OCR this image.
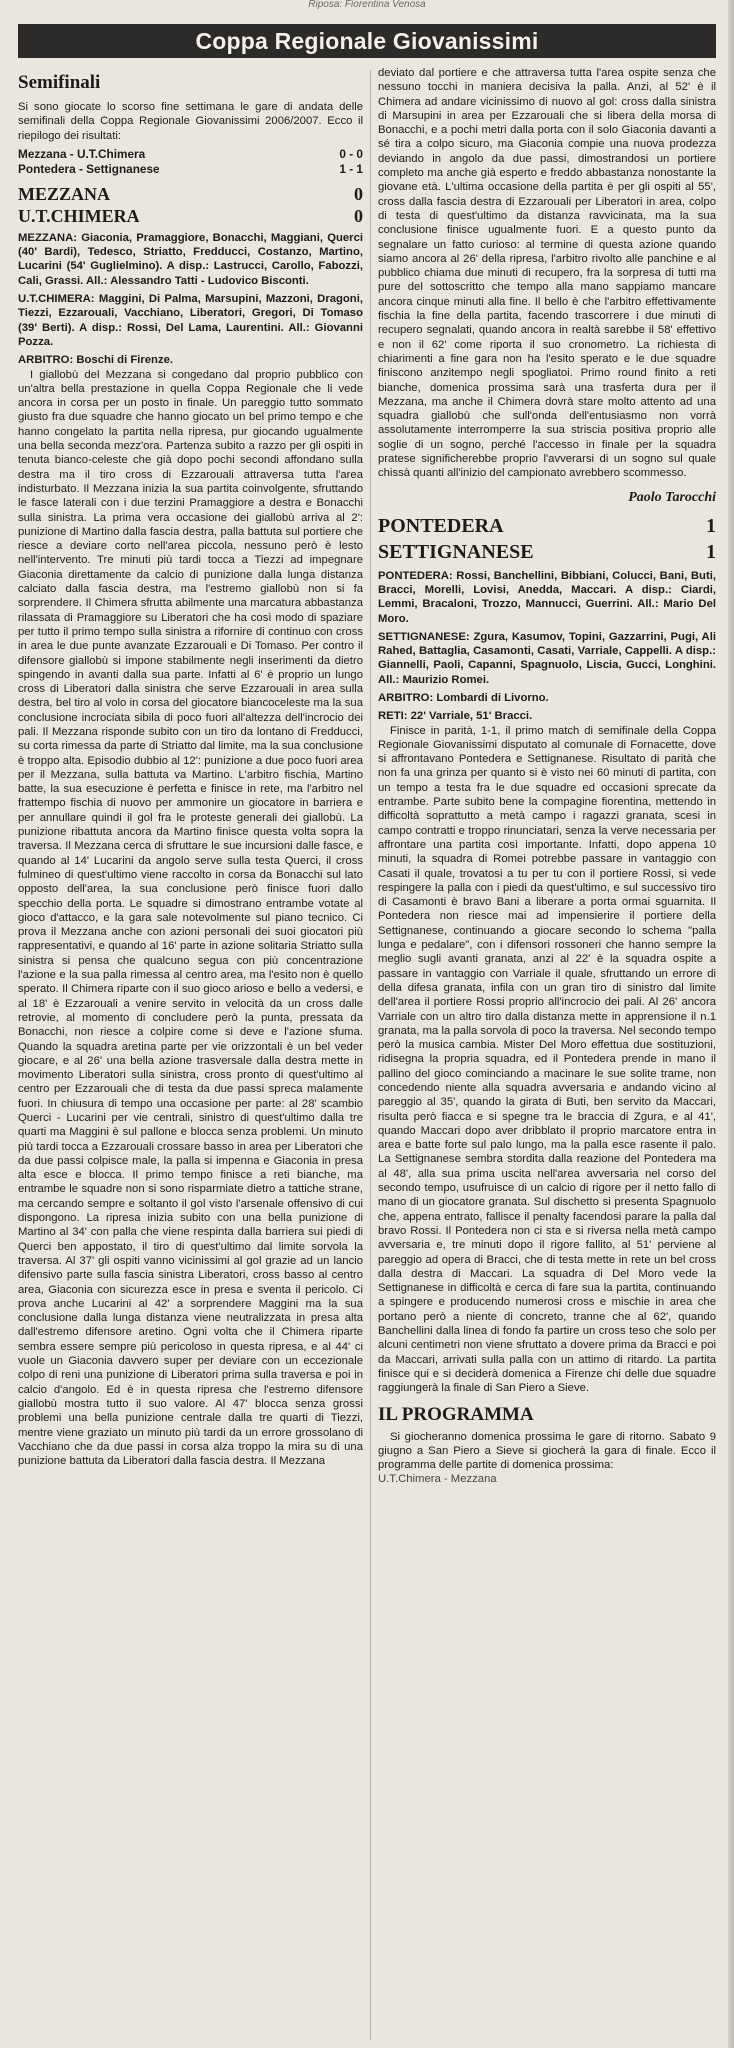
Riposa: Fiorentina Venosa
Coppa Regionale Giovanissimi
Semifinali

Si sono giocate lo scorso fine settimana le gare di andata delle semifinali della Coppa Regionale Giovanissimi 2006/2007. Ecco il riepilogo dei risultati:

Mezzana - U.T.Chimera	0 - 0
Pontedera - Settignanese	1 - 1
MEZZANA	0
U.T.CHIMERA	0
MEZZANA: Giaconia, Pramaggiore, Bonacchi, Maggiani, Querci (40' Bardi), Tedesco, Striatto, Fredducci, Costanzo, Martino, Lucarini (54' Guglielmino). A disp.: Lastrucci, Carollo, Fabozzi, Cali, Grassi. All.: Alessandro Tatti - Ludovico Bisconti.
U.T.CHIMERA: Maggini, Di Palma, Marsupini, Mazzoni, Dragoni, Tiezzi, Ezzarouali, Vacchiano, Liberatori, Gregori, Di Tomaso (39' Berti). A disp.: Rossi, Del Lama, Laurentini. All.: Giovanni Pozza.
ARBITRO: Boschi di Firenze.

I giallobù del Mezzana si congedano dal proprio pubblico con un'altra bella prestazione in quella Coppa Regionale che li vede ancora in corsa per un posto in finale. Un pareggio tutto sommato giusto fra due squadre che hanno giocato un bel primo tempo e che hanno congelato la partita nella ripresa, pur giocando ugualmente una bella seconda mezz'ora. Partenza subito a razzo per gli ospiti in tenuta bianco-celeste che già dopo pochi secondi affondano sulla destra ma il tiro cross di Ezzarouali attraversa tutta l'area indisturbato. Il Mezzana inizia la sua partita coinvolgente, sfruttando le fasce laterali con i due terzini Pramaggiore a destra e Bonacchi sulla sinistra. La prima vera occasione dei giallobù arriva al 2': punizione di Martino dalla fascia destra, palla battuta sul portiere che riesce a deviare corto nell'area piccola, nessuno però è lesto nell'intervento. Tre minuti più tardi tocca a Tiezzi ad impegnare Giaconia direttamente da calcio di punizione dalla lunga distanza calciato dalla fascia destra, ma l'estremo giallobù non si fa sorprendere. Il Chimera sfrutta abilmente una marcatura abbastanza rilassata di Pramaggiore su Liberatori che ha così modo di spaziare per tutto il primo tempo sulla sinistra a rifornire di continuo con cross in area le due punte avanzate Ezzarouali e Di Tomaso. Per contro il difensore giallobù si impone stabilmente negli inserimenti da dietro spingendo in avanti dalla sua parte. Infatti al 6' è proprio un lungo cross di Liberatori dalla sinistra che serve Ezzarouali in area sulla destra, bel tiro al volo in corsa del giocatore biancoceleste ma la sua conclusione incrociata sibila di poco fuori all'altezza dell'incrocio dei pali. Il Mezzana risponde subito con un tiro da lontano di Fredducci, su corta rimessa da parte di Striatto dal limite, ma la sua conclusione è troppo alta. Episodio dubbio al 12': punizione a due poco fuori area per il Mezzana, sulla battuta va Martino. L'arbitro fischia, Martino batte, la sua esecuzione è perfetta e finisce in rete, ma l'arbitro nel frattempo fischia di nuovo per ammonire un giocatore in barriera e per annullare quindi il gol fra le proteste generali dei giallobù. La punizione ribattuta ancora da Martino finisce questa volta sopra la traversa. Il Mezzana cerca di sfruttare le sue incursioni dalle fasce, e quando al 14' Lucarini da angolo serve sulla testa Querci, il cross fulmineo di quest'ultimo viene raccolto in corsa da Bonacchi sul lato opposto dell'area, la sua conclusione però finisce fuori dallo specchio della porta. Le squadre si dimostrano entrambe votate al gioco d'attacco, e la gara sale notevolmente sul piano tecnico. Ci prova il Mezzana anche con azioni personali dei suoi giocatori più rappresentativi, e quando al 16' parte in azione solitaria Striatto sulla sinistra si pensa che qualcuno segua con più concentrazione l'azione e la sua palla rimessa al centro area, ma l'esito non è quello sperato. Il Chimera riparte con il suo gioco arioso e bello a vedersi, e al 18' è Ezzarouali a venire servito in velocità da un cross dalle retrovie, al momento di concludere però la punta, pressata da Bonacchi, non riesce a colpire come si deve e l'azione sfuma. Quando la squadra aretina parte per vie orizzontali è un bel veder giocare, e al 26' una bella azione trasversale dalla destra mette in movimento Liberatori sulla sinistra, cross pronto di quest'ultimo al centro per Ezzarouali che di testa da due passi spreca malamente fuori. In chiusura di tempo una occasione per parte: al 28' scambio Querci - Lucarini per vie centrali, sinistro di quest'ultimo dalla tre quarti ma Maggini è sul pallone e blocca senza problemi. Un minuto più tardi tocca a Ezzarouali crossare basso in area per Liberatori che da due passi colpisce male, la palla si impenna e Giaconia in presa alta esce e blocca. Il primo tempo finisce a reti bianche, ma entrambe le squadre non si sono risparmiate dietro a tattiche strane, ma cercando sempre e soltanto il gol visto l'arsenale offensivo di cui dispongono. La ripresa inizia subito con una bella punizione di Martino al 34' con palla che viene respinta dalla barriera sui piedi di Querci ben appostato, il tiro di quest'ultimo dal limite sorvola la traversa. Al 37' gli ospiti vanno vicinissimi al gol grazie ad un lancio difensivo parte sulla fascia sinistra Liberatori, cross basso al centro area, Giaconia con sicurezza esce in presa e sventa il pericolo. Ci prova anche Lucarini al 42' a sorprendere Maggini ma la sua conclusione dalla lunga distanza viene neutralizzata in presa alta dall'estremo difensore aretino. Ogni volta che il Chimera riparte sembra essere sempre più pericoloso in questa ripresa, e al 44' ci vuole un Giaconia davvero super per deviare con un eccezionale colpo di reni una punizione di Liberatori prima sulla traversa e poi in calcio d'angolo. Ed è in questa ripresa che l'estremo difensore giallobù mostra tutto il suo valore. Al 47' blocca senza grossi problemi una bella punizione centrale dalla tre quarti di Tiezzi, mentre viene graziato un minuto più tardi da un errore grossolano di Vacchiano che da due passi in corsa alza troppo la mira su di una punizione battuta da Liberatori dalla fascia destra. Il Mezzana

deviato dal portiere e che attraversa tutta l'area ospite senza che nessuno tocchi in maniera decisiva la palla. Anzi, al 52' è il Chimera ad andare vicinissimo di nuovo al gol: cross dalla sinistra di Marsupini in area per Ezzarouali che si libera della morsa di Bonacchi, e a pochi metri dalla porta con il solo Giaconia davanti a sé tira a colpo sicuro, ma Giaconia compie una nuova prodezza deviando in angolo da due passi, dimostrandosi un portiere completo ma anche già esperto e freddo abbastanza nonostante la giovane età. L'ultima occasione della partita è per gli ospiti al 55', cross dalla fascia destra di Ezzarouali per Liberatori in area, colpo di testa di quest'ultimo da distanza ravvicinata, ma la sua conclusione finisce ugualmente fuori. E a questo punto da segnalare un fatto curioso: al termine di questa azione quando siamo ancora al 26' della ripresa, l'arbitro rivolto alle panchine e al pubblico chiama due minuti di recupero, fra la sorpresa di tutti ma pure del sottoscritto che tempo alla mano sappiamo mancare ancora cinque minuti alla fine. Il bello è che l'arbitro effettivamente fischia la fine della partita, facendo trascorrere i due minuti di recupero segnalati, quando ancora in realtà sarebbe il 58' effettivo e non il 62' come riporta il suo cronometro. La richiesta di chiarimenti a fine gara non ha l'esito sperato e le due squadre finiscono anzitempo negli spogliatoi. Primo round finito a reti bianche, domenica prossima sarà una trasferta dura per il Mezzana, ma anche il Chimera dovrà stare molto attento ad una squadra giallobù che sull'onda dell'entusiasmo non vorrà assolutamente interromperre la sua striscia positiva proprio alle soglie di un sogno, perché l'accesso in finale per la squadra pratese significherebbe proprio l'avverarsi di un sogno sul quale chissà quanti all'inizio del campionato avrebbero scommesso.

Paolo Tarocchi
PONTEDERA	1
SETTIGNANESE	1
PONTEDERA: Rossi, Banchellini, Bibbiani, Colucci, Bani, Buti, Bracci, Morelli, Lovisi, Anedda, Maccari. A disp.: Ciardi, Lemmi, Bracaloni, Trozzo, Mannucci, Guerrini. All.: Mario Del Moro.
SETTIGNANESE: Zgura, Kasumov, Topini, Gazzarrini, Pugi, Ali Rahed, Battaglia, Casamonti, Casati, Varriale, Cappelli. A disp.: Giannelli, Paoli, Capanni, Spagnuolo, Liscia, Gucci, Longhini. All.: Maurizio Romei.
ARBITRO: Lombardi di Livorno.
RETI: 22' Varriale, 51' Bracci.

Finisce in parità, 1-1, il primo match di semifinale della Coppa Regionale Giovanissimi disputato al comunale di Fornacette, dove si affrontavano Pontedera e Settignanese. Risultato di parità che non fa una grinza per quanto si è visto nei 60 minuti di partita, con un tempo a testa fra le due squadre ed occasioni sprecate da entrambe. Parte subito bene la compagine fiorentina, mettendo in difficoltà soprattutto a metà campo i ragazzi granata, scesi in campo contratti e troppo rinunciatari, senza la verve necessaria per affrontare una partita così importante. Infatti, dopo appena 10 minuti, la squadra di Romei potrebbe passare in vantaggio con Casati il quale, trovatosi a tu per tu con il portiere Rossi, si vede respingere la palla con i piedi da quest'ultimo, e sul successivo tiro di Casamonti è bravo Bani a liberare a porta ormai sguarnita. Il Pontedera non riesce mai ad impensierire il portiere della Settignanese, continuando a giocare secondo lo schema "palla lunga e pedalare", con i difensori rossoneri che hanno sempre la meglio sugli avanti granata, anzi al 22' è la squadra ospite a passare in vantaggio con Varriale il quale, sfruttando un errore di della difesa granata, infila con un gran tiro di sinistro dal limite dell'area il portiere Rossi proprio all'incrocio dei pali. Al 26' ancora Varriale con un altro tiro dalla distanza mette in apprensione il n.1 granata, ma la palla sorvola di poco la traversa. Nel secondo tempo però la musica cambia. Mister Del Moro effettua due sostituzioni, ridisegna la propria squadra, ed il Pontedera prende in mano il pallino del gioco cominciando a macinare le sue solite trame, non concedendo niente alla squadra avversaria e andando vicino al pareggio al 35', quando la girata di Buti, ben servito da Maccari, risulta però fiacca e si spegne tra le braccia di Zgura, e al 41', quando Maccari dopo aver dribblato il proprio marcatore entra in area e batte forte sul palo lungo, ma la palla esce rasente il palo. La Settignanese sembra stordita dalla reazione del Pontedera ma al 48', alla sua prima uscita nell'area avversaria nel corso del secondo tempo, usufruisce di un calcio di rigore per il netto fallo di mano di un giocatore granata. Sul dischetto si presenta Spagnuolo che, appena entrato, fallisce il penalty facendosi parare la palla dal bravo Rossi. Il Pontedera non ci sta e si riversa nella metà campo avversaria e, tre minuti dopo il rigore fallito, al 51' perviene al pareggio ad opera di Bracci, che di testa mette in rete un bel cross dalla destra di Maccari. La squadra di Del Moro vede la Settignanese in difficoltà e cerca di fare sua la partita, continuando a spingere e producendo numerosi cross e mischie in area che portano però a niente di concreto, tranne che al 62', quando Banchellini dalla linea di fondo fa partire un cross teso che solo per alcuni centimetri non viene sfruttato a dovere prima da Bracci e poi da Maccari, arrivati sulla palla con un attimo di ritardo. La partita finisce qui e si deciderà domenica a Firenze chi delle due squadre raggiungerà la finale di San Piero a Sieve.

IL PROGRAMMA

Si giocheranno domenica prossima le gare di ritorno. Sabato 9 giugno a San Piero a Sieve si giocherà la gara di finale. Ecco il programma delle partite di domenica prossima:

U.T.Chimera - Mezzana
